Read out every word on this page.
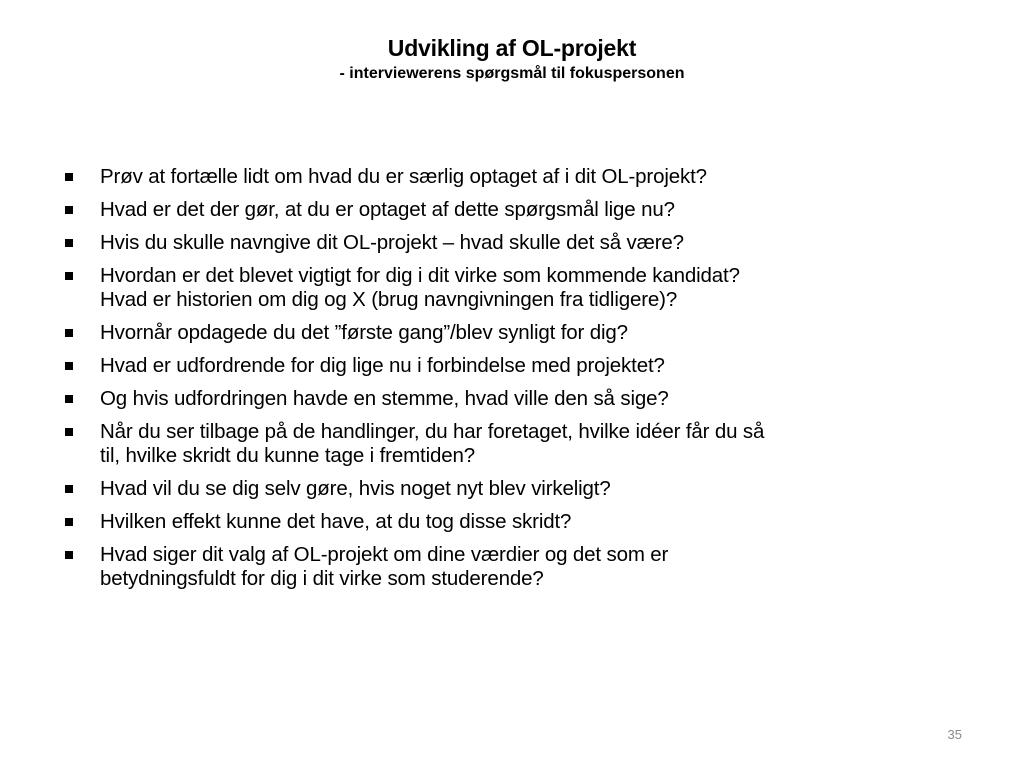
Udvikling af OL-projekt
- interviewerens spørgsmål til fokuspersonen
Prøv at fortælle lidt om hvad du er særlig optaget af i dit OL-projekt?
Hvad er det der gør, at du er optaget af dette spørgsmål lige nu?
Hvis du skulle navngive dit OL-projekt – hvad skulle det så være?
Hvordan er det blevet vigtigt for dig i dit virke som kommende kandidat?
Hvad er historien om dig og X (brug navngivningen fra tidligere)?
Hvornår opdagede du det ”første gang”/blev synligt for dig?
Hvad er udfordrende for dig lige nu i forbindelse med projektet?
Og hvis udfordringen havde en stemme, hvad ville den så sige?
Når du ser tilbage på de handlinger, du har foretaget, hvilke idéer får du så
til, hvilke skridt du kunne tage i fremtiden?
Hvad vil du se dig selv gøre, hvis noget nyt blev virkeligt?
Hvilken effekt kunne det have, at du tog disse skridt?
Hvad siger dit valg af OL-projekt om dine værdier og det som er
betydningsfuldt for dig i dit virke som studerende?
35
